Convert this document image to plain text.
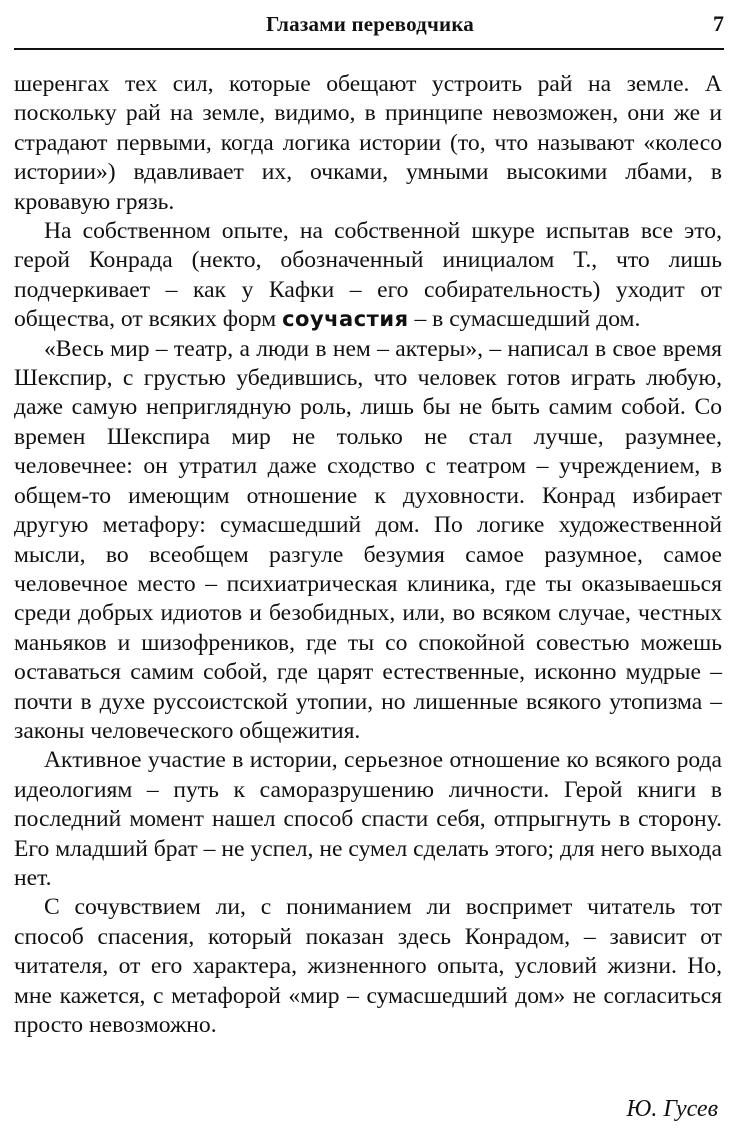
Глазами переводчика	7

шеренгах тех сил, которые обещают устроить рай на земле. А поскольку рай на земле, видимо, в принципе невозможен, они же и страдают первыми, когда логика истории (то, что называют «колесо истории») вдавливает их, очками, умными высокими лбами, в кровавую грязь.

На собственном опыте, на собственной шкуре испытав все это, герой Конрада (некто, обозначенный инициалом Т., что лишь подчеркивает – как у Кафки – его собирательность) уходит от общества, от всяких форм соучастия – в сумасшедший дом.

«Весь мир – театр, а люди в нем – актеры», – написал в свое время Шекспир, с грустью убедившись, что человек готов играть любую, даже самую неприглядную роль, лишь бы не быть самим собой. Со времен Шекспира мир не только не стал лучше, разумнее, человечнее: он утратил даже сходство с театром – учреждением, в общем-то имеющим отношение к духовности. Конрад избирает другую метафору: сумасшедший дом. По логике художественной мысли, во всеобщем разгуле безумия самое разумное, самое человечное место – психиатрическая клиника, где ты оказываешься среди добрых идиотов и безобидных, или, во всяком случае, честных маньяков и шизофреников, где ты со спокойной совестью можешь оставаться самим собой, где царят естественные, исконно мудрые – почти в духе руссоистской утопии, но лишенные всякого утопизма – законы человеческого общежития.

Активное участие в истории, серьезное отношение ко всякого рода идеологиям – путь к саморазрушению личности. Герой книги в последний момент нашел способ спасти себя, отпрыгнуть в сторону. Его младший брат – не успел, не сумел сделать этого; для него выхода нет.

С сочувствием ли, с пониманием ли воспримет читатель тот способ спасения, который показан здесь Конрадом, – зависит от читателя, от его характера, жизненного опыта, условий жизни. Но, мне кажется, с метафорой «мир – сумасшедший дом» не согласиться просто невозможно.

Ю. Гусев
